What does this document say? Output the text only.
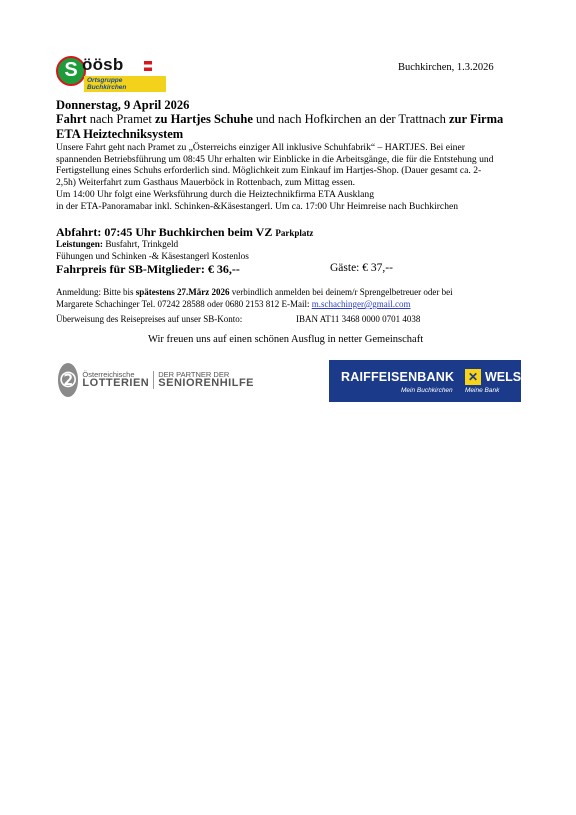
S öösb
Ortsgruppe Buchkirchen
Buchkirchen, 1.3.2026
Donnerstag, 9 April 2026
Fahrt nach Pramet zu Hartjes Schuhe und nach Hofkirchen an der Trattnach zur Firma ETA Heiztechniksystem
Unsere Fahrt geht nach Pramet zu „Österreichs einziger All inklusive Schuhfabrik“ – HARTJES. Bei einer
spannenden Betriebsführung um 08:45 Uhr erhalten wir Einblicke in die Arbeitsgänge, die für die Entstehung und
Fertigstellung eines Schuhs erforderlich sind. Möglichkeit zum Einkauf im Hartjes-Shop. (Dauer gesamt ca. 2-
2,5h) Weiterfahrt zum Gasthaus Mauerböck in Rottenbach, zum Mittag essen.
Um 14:00 Uhr folgt eine Werksführung durch die Heiztechnikfirma ETA Ausklang
in der ETA-Panoramabar inkl. Schinken-&Käsestangerl. Um ca. 17:00 Uhr Heimreise nach Buchkirchen
Abfahrt: 07:45 Uhr Buchkirchen beim VZ Parkplatz
Leistungen: Busfahrt, Trinkgeld
Fühungen und Schinken -& Käsestangerl Kostenlos
Fahrpreis für SB-Mitglieder: € 36,--	Gäste: € 37,--
Anmeldung: Bitte bis spätestens 27.März 2026 verbindlich anmelden bei deinem/r Sprengelbetreuer oder bei
Margarete Schachinger Tel. 07242 28588 oder 0680 2153 812 E-Mail: m.schachinger@gmail.com
Überweisung des Reisepreises auf unser SB-Konto:	IBAN AT11 3468 0000 0701 4038
Wir freuen uns auf einen schönen Ausflug in netter Gemeinschaft
➁ Österreichische
LOTTERIEN
DER PARTNER DER
SENIORENHILFE	RAIFFEISENBANK ✕ WELS
Mein Buchkirchen Meine Bank
